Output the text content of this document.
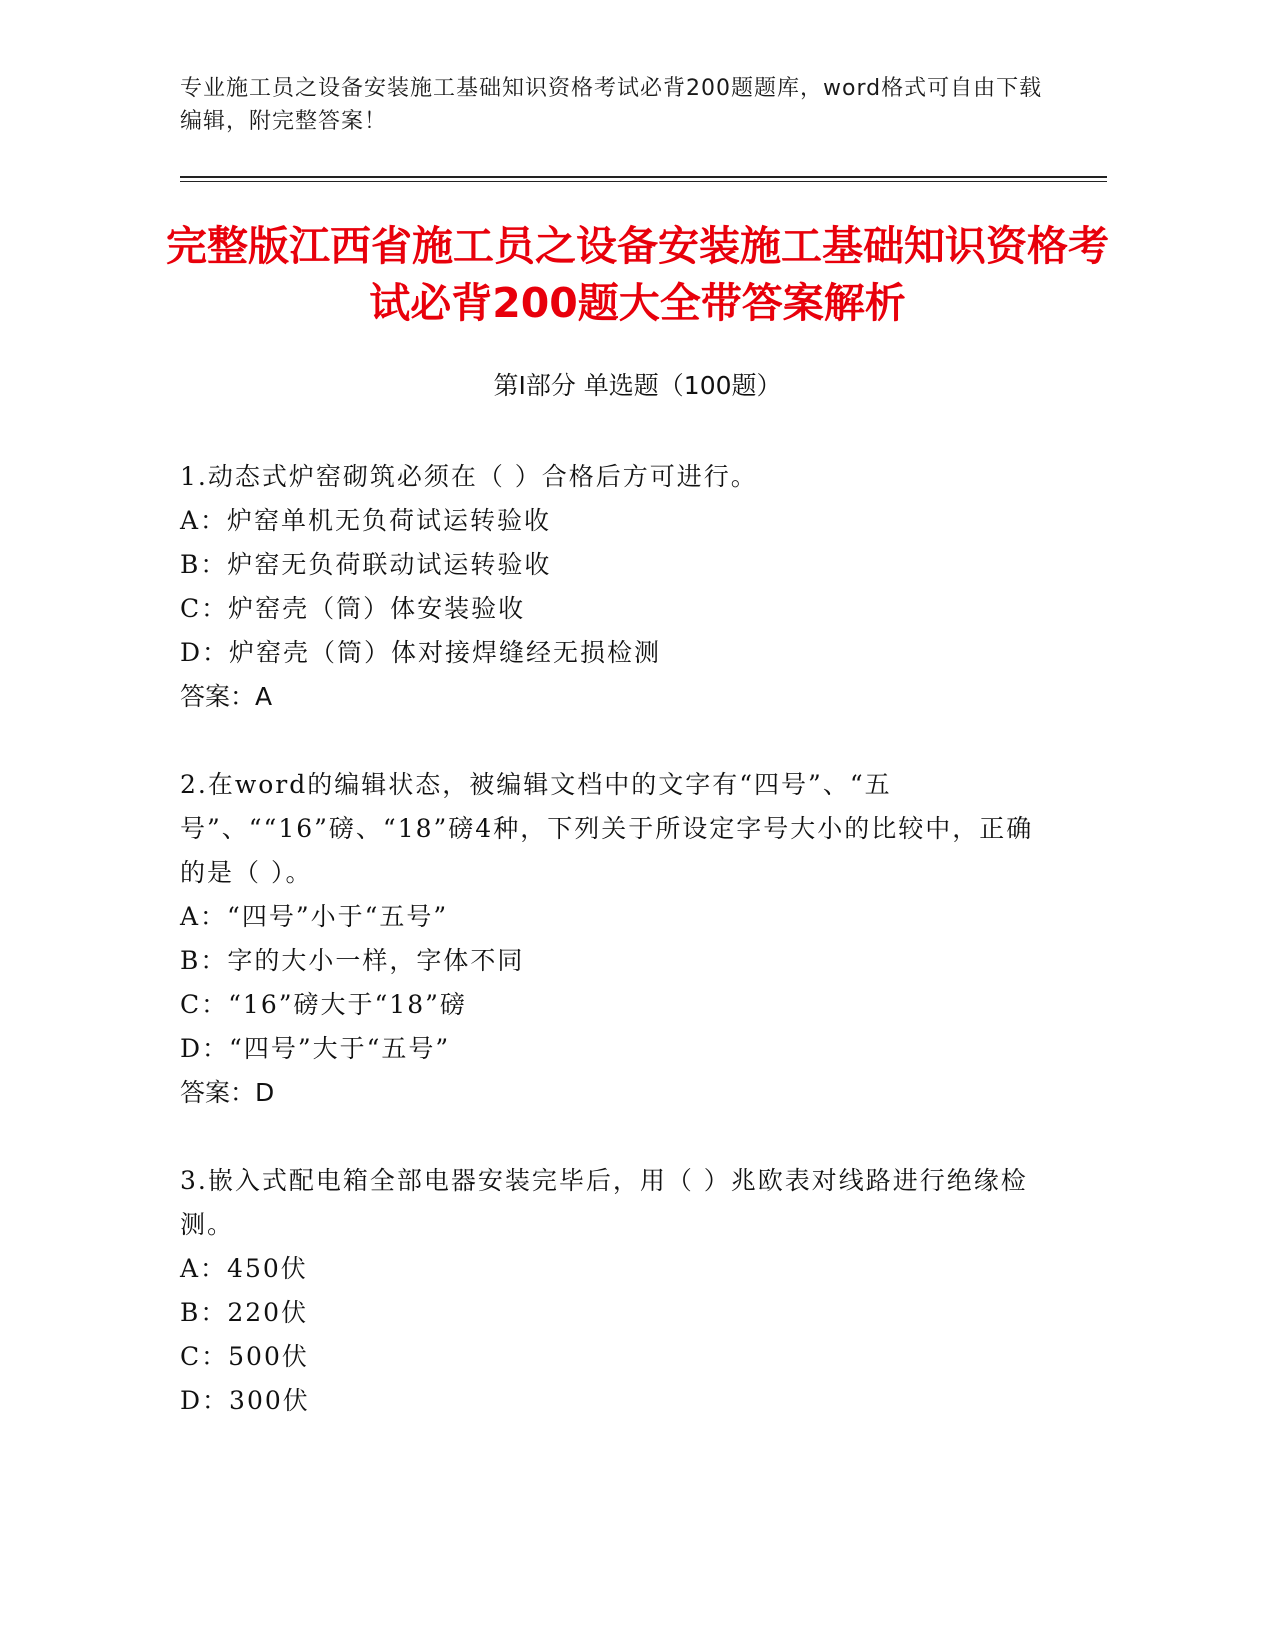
专业施工员之设备安装施工基础知识资格考试必背200题题库，word格式可自由下载编辑，附完整答案！
完整版江西省施工员之设备安装施工基础知识资格考试必背200题大全带答案解析
第Ⅰ部分 单选题（100题）

1.动态式炉窑砌筑必须在（ ）合格后方可进行。

A：炉窑单机无负荷试运转验收

B：炉窑无负荷联动试运转验收

C：炉窑壳（筒）体安装验收

D：炉窑壳（筒）体对接焊缝经无损检测

答案：A

2.在word的编辑状态，被编辑文档中的文字有“四号”、“五号”、““16”磅、“18”磅4种，下列关于所设定字号大小的比较中，正确的是（ ）。

A：“四号”小于“五号”

B：字的大小一样，字体不同

C：“16”磅大于“18”磅

D：“四号”大于“五号”

答案：D

3.嵌入式配电箱全部电器安装完毕后，用（ ）兆欧表对线路进行绝缘检测。

A：450伏

B：220伏

C：500伏

D：300伏
